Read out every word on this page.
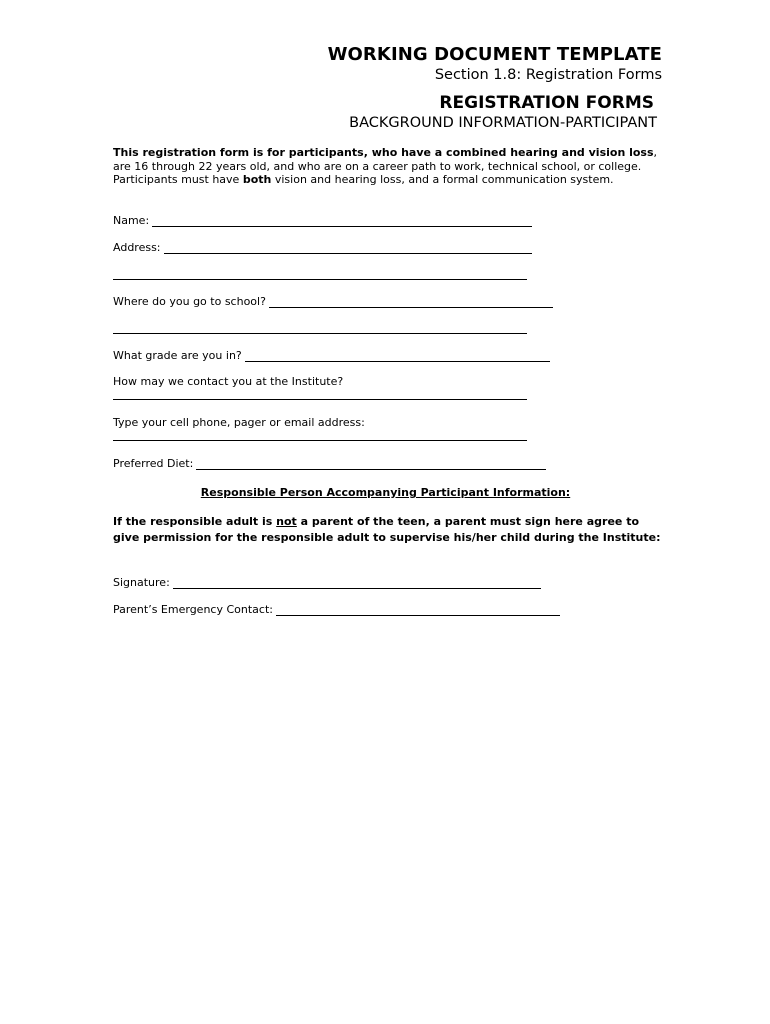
WORKING DOCUMENT TEMPLATE
Section 1.8: Registration Forms
REGISTRATION FORMS
BACKGROUND INFORMATION-PARTICIPANT
This registration form is for participants, who have a combined hearing and vision loss, are 16 through 22 years old, and who are on a career path to work, technical school, or college. Participants must have both vision and hearing loss, and a formal communication system.
Name:
Address:
Where do you go to school?
What grade are you in?
How may we contact you at the Institute?
Type your cell phone, pager or email address:
Preferred Diet:
Responsible Person Accompanying Participant Information:
If the responsible adult is not a parent of the teen, a parent must sign here agree to give permission for the responsible adult to supervise his/her child during the Institute:
Signature:
Parent’s Emergency Contact:
